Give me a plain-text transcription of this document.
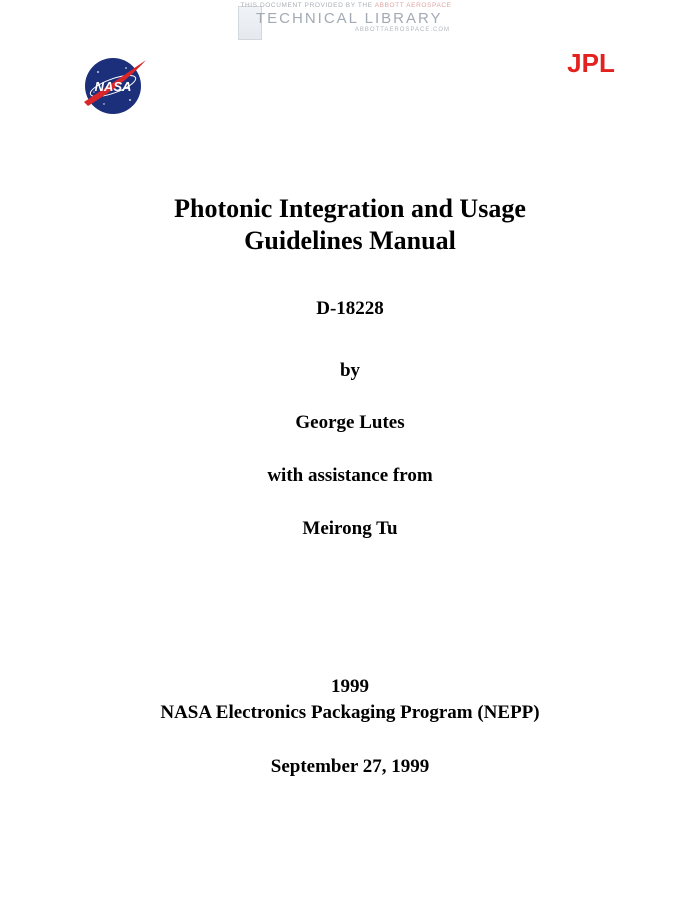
THIS DOCUMENT PROVIDED BY THE ABBOTT AEROSPACE
TECHNICAL LIBRARY
ABBOTTAEROSPACE.COM
NASA
JPL
Photonic Integration and Usage
Guidelines Manual
D-18228
by
George Lutes
with assistance from
Meirong Tu
1999
NASA Electronics Packaging Program (NEPP)
September 27, 1999
